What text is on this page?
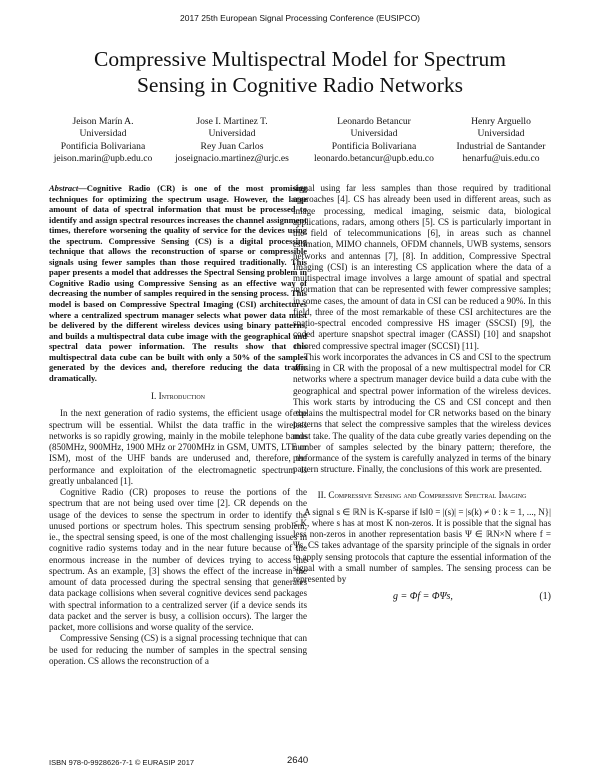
2017 25th European Signal Processing Conference (EUSIPCO)
Compressive Multispectral Model for Spectrum Sensing in Cognitive Radio Networks
Jeison Marín A.
Universidad
Pontificia Bolivariana
jeison.marin@upb.edu.co
Jose I. Martinez T.
Universidad
Rey Juan Carlos
joseignacio.martinez@urjc.es
Leonardo Betancur
Universidad
Pontificia Bolivariana
leonardo.betancur@upb.edu.co
Henry Arguello
Universidad
Industrial de Santander
henarfu@uis.edu.co

Abstract—Cognitive Radio (CR) is one of the most promising techniques for optimizing the spectrum usage. However, the large amount of data of spectral information that must be processed to identify and assign spectral resources increases the channel assignment times, therefore worsening the quality of service for the devices using the spectrum. Compressive Sensing (CS) is a digital processing technique that allows the reconstruction of sparse or compressible signals using fewer samples than those required traditionally. This paper presents a model that addresses the Spectral Sensing problem in Cognitive Radio using Compressive Sensing as an effective way of decreasing the number of samples required in the sensing process. This model is based on Compressive Spectral Imaging (CSI) architectures where a centralized spectrum manager selects what power data must be delivered by the different wireless devices using binary patterns, and builds a multispectral data cube image with the geographical and spectral data power information. The results show that this multispectral data cube can be built with only a 50% of the samples generated by the devices and, therefore reducing the data traffic dramatically.

I. Introduction

In the next generation of radio systems, the efficient usage of the spectrum will be essential. Whilst the data traffic in the wireless networks is so rapidly growing, mainly in the mobile telephone bands (850MHz, 900MHz, 1900 MHz or 2700MHz in GSM, UMTS, LTE or ISM), most of the UHF bands are underused and, therefore, the performance and exploitation of the electromagnetic spectrum is greatly unbalanced [1].

Cognitive Radio (CR) proposes to reuse the portions of the spectrum that are not being used over time [2]. CR depends on the usage of the devices to sense the spectrum in order to identify the unused portions or spectrum holes. This spectrum sensing problem, ie., the spectral sensing speed, is one of the most challenging issues in cognitive radio systems today and in the near future because of the enormous increase in the number of devices trying to access the spectrum. As an example, [3] shows the effect of the increase in the amount of data processed during the spectral sensing that generates data package collisions when several cognitive devices send packages with spectral information to a centralized server (if a device sends its data packet and the server is busy, a collision occurs). The larger the packet, more collisions and worse quality of the service.

Compressive Sensing (CS) is a signal processing technique that can be used for reducing the number of samples in the spectral sensing operation. CS allows the reconstruction of a

signal using far less samples than those required by traditional approaches [4]. CS has already been used in different areas, such as image processing, medical imaging, seismic data, biological applications, radars, among others [5]. CS is particularly important in the field of telecommunications [6], in areas such as channel estimation, MIMO channels, OFDM channels, UWB systems, sensors networks and antennas [7], [8]. In addition, Compressive Spectral Imaging (CSI) is an interesting CS application where the data of a multispectral image involves a large amount of spatial and spectral information that can be represented with fewer compressive samples; in some cases, the amount of data in CSI can be reduced a 90%. In this field, three of the most remarkable of these CSI architectures are the spatio-spectral encoded compressive HS imager (SSCSI) [9], the coded aperture snapshot spectral imager (CASSI) [10] and snapshot colored compressive spectral imager (SCCSI) [11].

This work incorporates the advances in CS and CSI to the spectrum sensing in CR with the proposal of a new multispectral model for CR networks where a spectrum manager device build a data cube with the geographical and spectral power information of the wireless devices. This work starts by introducing the CS and CSI concept and then explains the multispectral model for CR networks based on the binary patterns that select the compressive samples that the wireless devices must take. The quality of the data cube greatly varies depending on the number of samples selected by the binary pattern; therefore, the performance of the system is carefully analyzed in terms of the binary pattern structure. Finally, the conclusions of this work are presented.

II. Compressive Sensing and Compressive Spectral Imaging

A signal s ∈ ℝN is K-sparse if ‖s‖0 = |(s)| = |s(k) ≠ 0 : k = 1, ..., N}| ≤ K, where s has at most K non-zeros. It is possible that the signal has less non-zeros in another representation basis Ψ ∈ ℝN×N where f = Ψs. CS takes advantage of the sparsity principle of the signals in order to apply sensing protocols that capture the essential information of the signal with a small number of samples. The sensing process can be represented by

g = Φf = ΦΨs,	(1)
ISBN 978-0-9928626-7-1 © EURASIP 2017	2640
